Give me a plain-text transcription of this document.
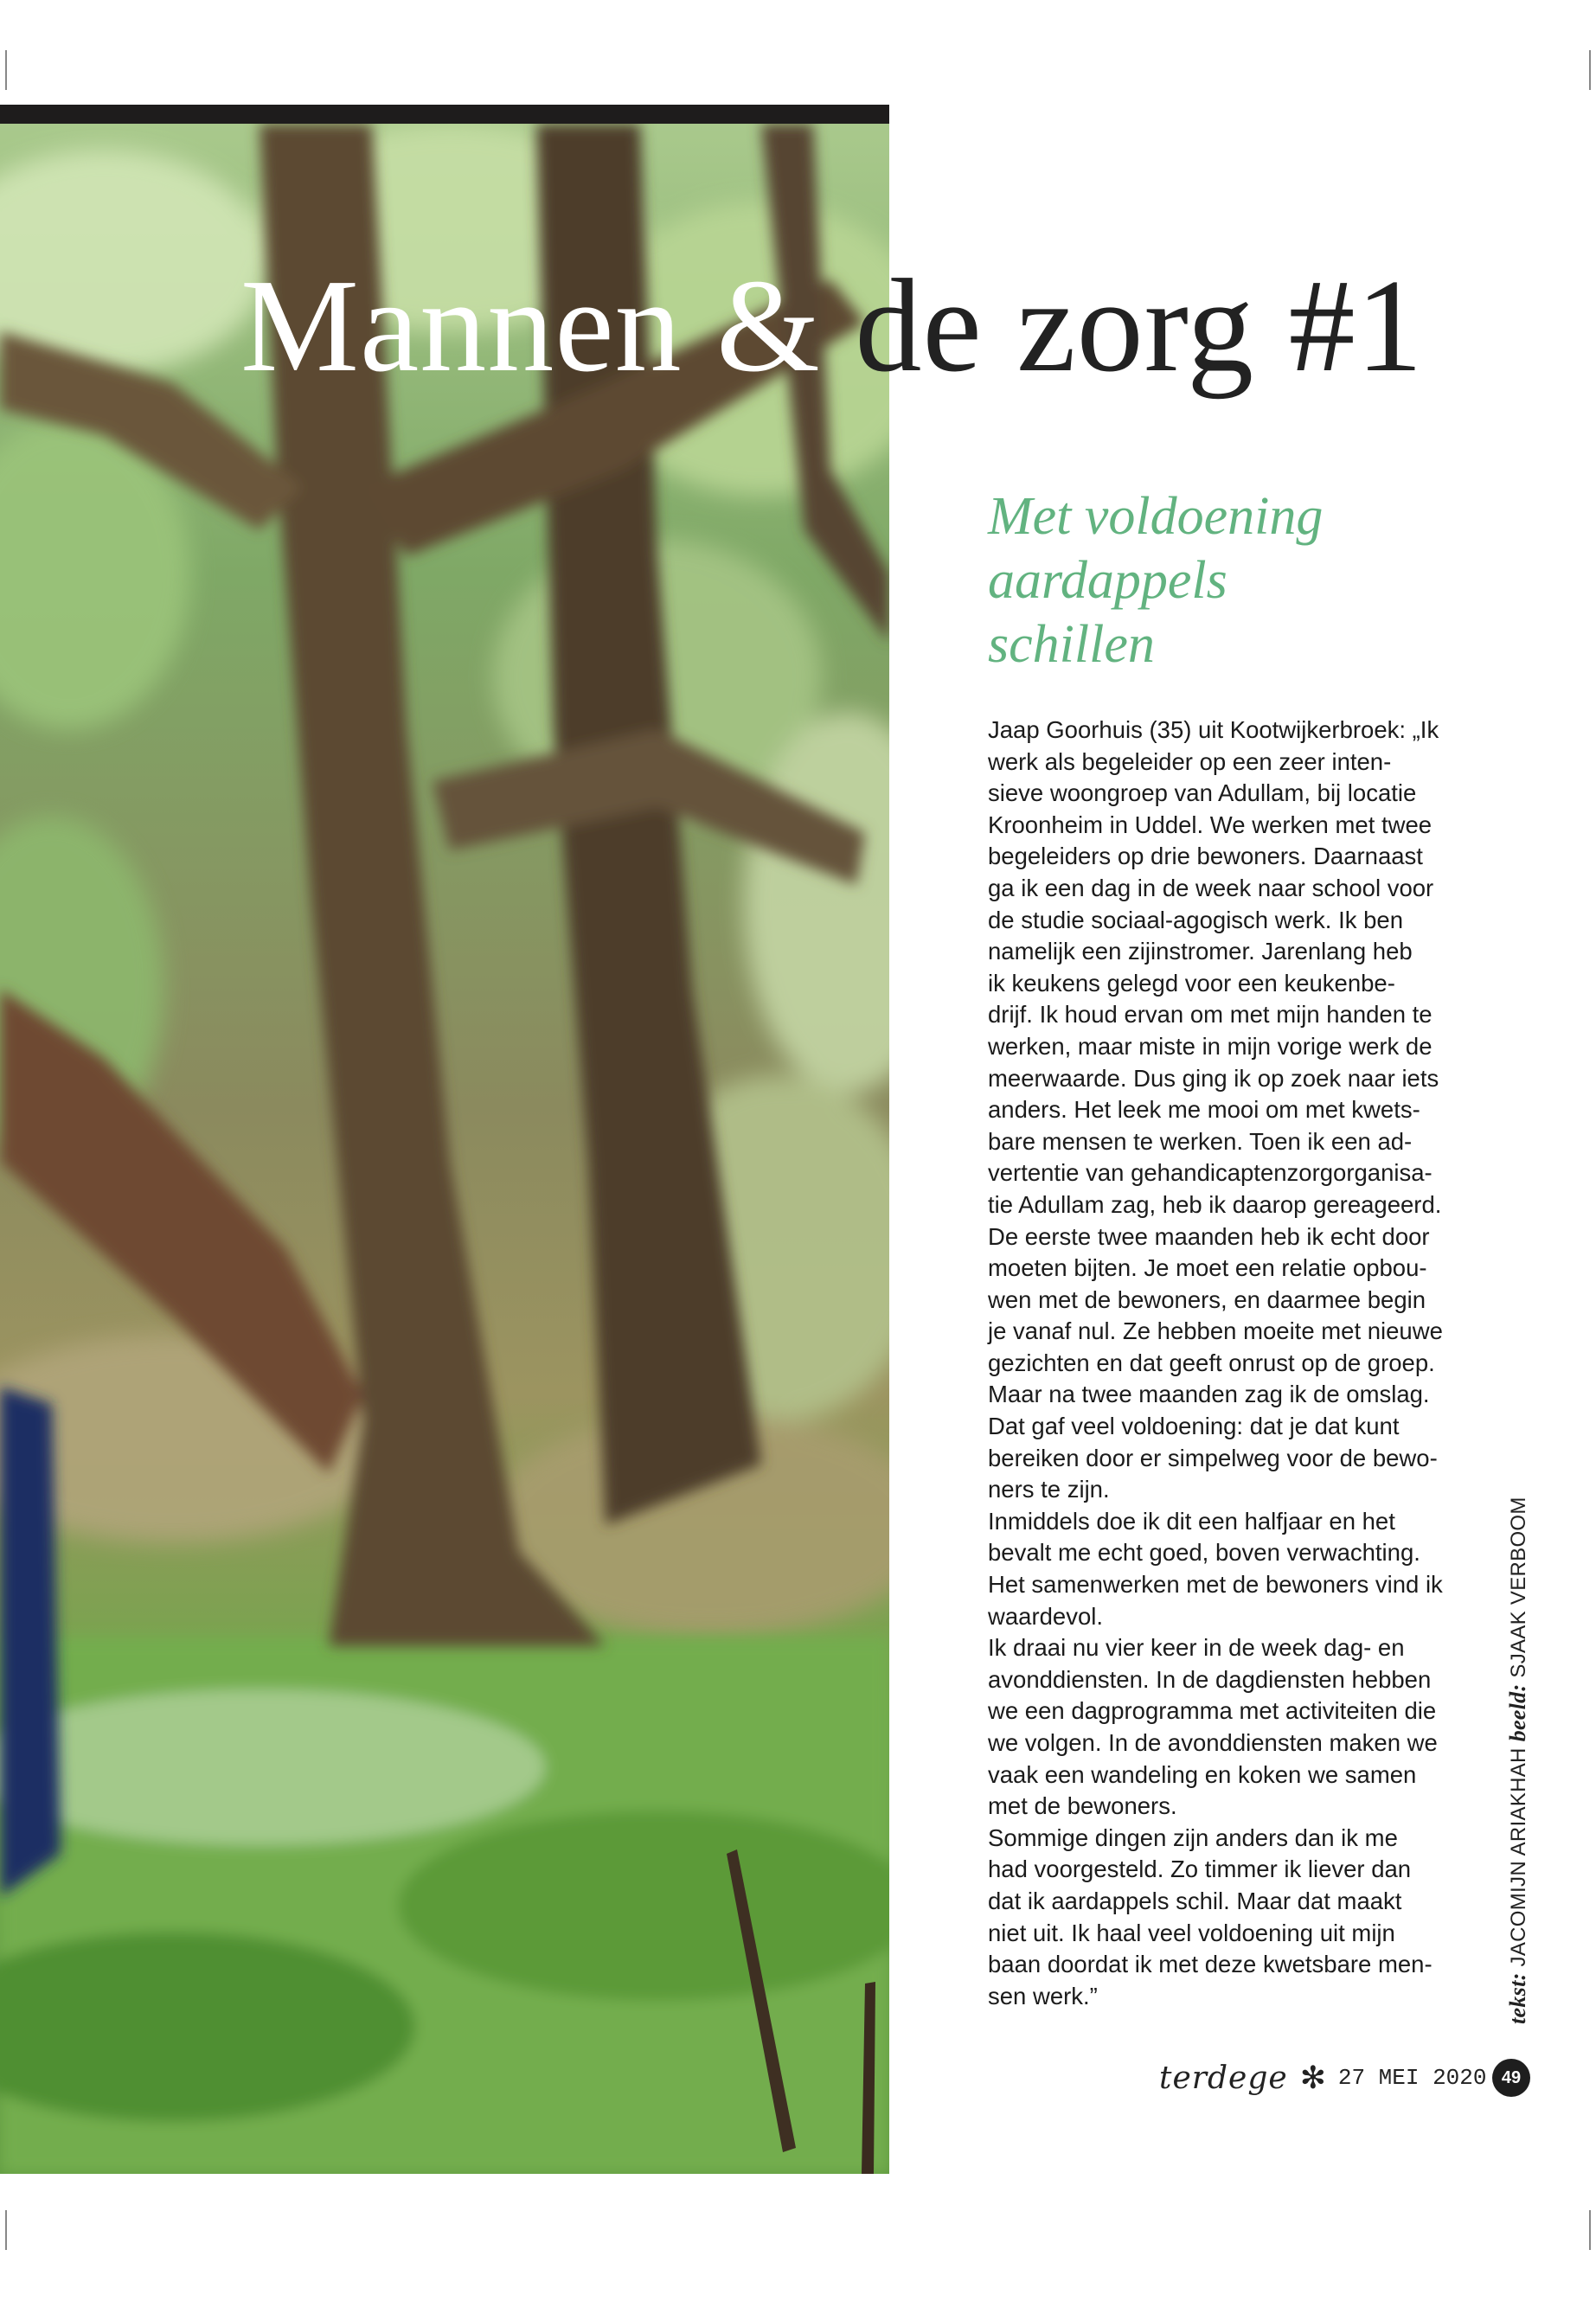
Mannen & de zorg #1
Met voldoening
aardappels
schillen
Jaap Goorhuis (35) uit Kootwijkerbroek: „Ik
werk als begeleider op een zeer inten-
sieve woongroep van Adullam, bij locatie
Kroonheim in Uddel. We werken met twee
begeleiders op drie bewoners. Daarnaast
ga ik een dag in de week naar school voor
de studie sociaal-agogisch werk. Ik ben
namelijk een zijinstromer. Jarenlang heb
ik keukens gelegd voor een keukenbe-
drijf. Ik houd ervan om met mijn handen te
werken, maar miste in mijn vorige werk de
meerwaarde. Dus ging ik op zoek naar iets
anders. Het leek me mooi om met kwets-
bare mensen te werken. Toen ik een ad-
vertentie van gehandicaptenzorgorganisa-
tie Adullam zag, heb ik daarop gereageerd.
De eerste twee maanden heb ik echt door
moeten bijten. Je moet een relatie opbou-
wen met de bewoners, en daarmee begin
je vanaf nul. Ze hebben moeite met nieuwe
gezichten en dat geeft onrust op de groep.
Maar na twee maanden zag ik de omslag.
Dat gaf veel voldoening: dat je dat kunt
bereiken door er simpelweg voor de bewo-
ners te zijn.
Inmiddels doe ik dit een halfjaar en het
bevalt me echt goed, boven verwachting.
Het samenwerken met de bewoners vind ik
waardevol.
Ik draai nu vier keer in de week dag- en
avonddiensten. In de dagdiensten hebben
we een dagprogramma met activiteiten die
we volgen. In de avonddiensten maken we
vaak een wandeling en koken we samen
met de bewoners.
Sommige dingen zijn anders dan ik me
had voorgesteld. Zo timmer ik liever dan
dat ik aardappels schil. Maar dat maakt
niet uit. Ik haal veel voldoening uit mijn
baan doordat ik met deze kwetsbare men-
sen werk.”	tekst: JACOMIJN ARIAKHAH beeld: SJAAK VERBOOM
terdege ✻ 27 MEI 2020 49
